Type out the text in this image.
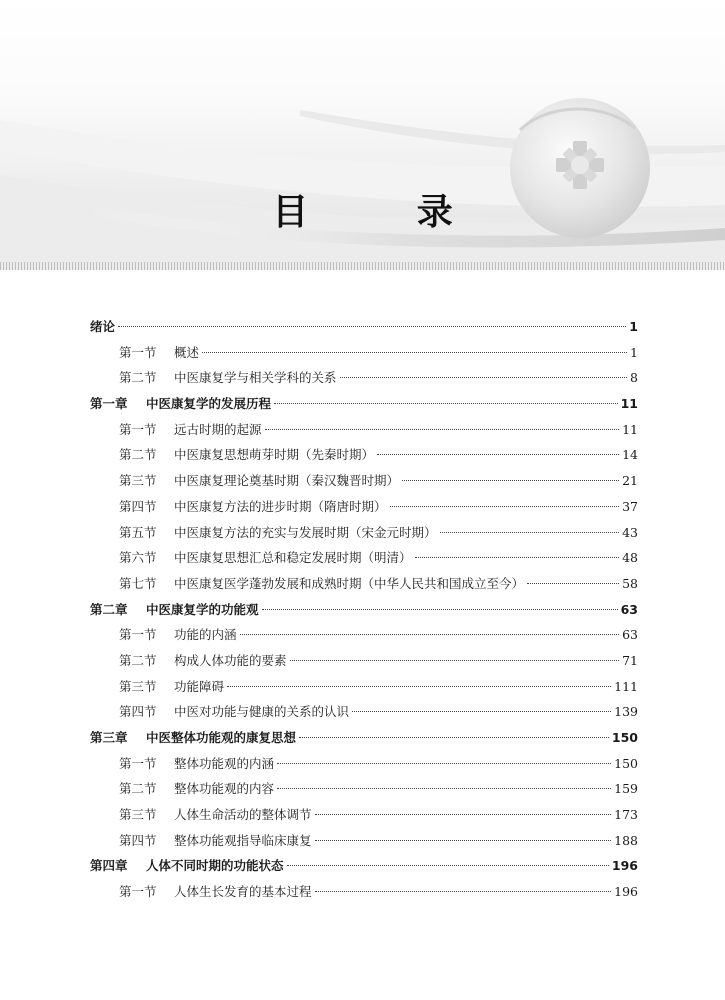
目 录
绪论	1
第一节	概述	1
第二节	中医康复学与相关学科的关系	8
第一章	中医康复学的发展历程	11
第一节	远古时期的起源	11
第二节	中医康复思想萌芽时期（先秦时期）	14
第三节	中医康复理论奠基时期（秦汉魏晋时期）	21
第四节	中医康复方法的进步时期（隋唐时期）	37
第五节	中医康复方法的充实与发展时期（宋金元时期）	43
第六节	中医康复思想汇总和稳定发展时期（明清）	48
第七节	中医康复医学蓬勃发展和成熟时期（中华人民共和国成立至今）	58
第二章	中医康复学的功能观	63
第一节	功能的内涵	63
第二节	构成人体功能的要素	71
第三节	功能障碍	111
第四节	中医对功能与健康的关系的认识	139
第三章	中医整体功能观的康复思想	150
第一节	整体功能观的内涵	150
第二节	整体功能观的内容	159
第三节	人体生命活动的整体调节	173
第四节	整体功能观指导临床康复	188
第四章	人体不同时期的功能状态	196
第一节	人体生长发育的基本过程	196
